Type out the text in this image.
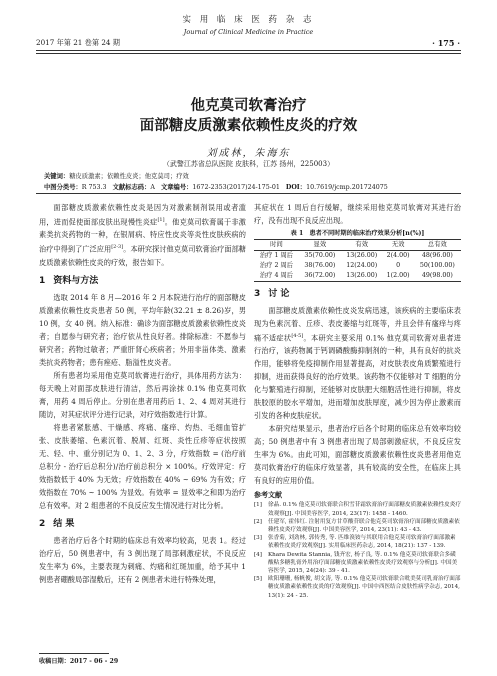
2017 年第 21 卷第 24 期
实 用 临 床 医 药 杂 志
Journal of Clinical Medicine in Practice
· 175 ·
他克莫司软膏治疗
面部糖皮质激素依赖性皮炎的疗效
刘成林，朱海东
（武警江苏省总队医院 皮肤科，江苏 扬州，225003）
关键词：糖皮质激素；依赖性皮炎；他克莫司；疗效
中图分类号：R 753.3 文献标志码：A 文章编号：1672-2353(2017)24-175-01 DOI：10.7619/jcmp.201724075

面部糖皮质激素依赖性皮炎是因为对激素制剂误用或者滥用，进而促使面部皮肤出现慢性炎症[1]。他克莫司软膏属于非激素类抗炎药物的一种，在银屑病、特应性皮炎等炎性皮肤疾病的治疗中得到了广泛应用[2-3]。本研究探讨他克莫司软膏治疗面部糖皮质激素依赖性皮炎的疗效，报告如下。

1 资料与方法

选取 2014 年 8 月—2016 年 2 月本院进行治疗的面部糖皮质激素依赖性皮炎患者 50 例，平均年龄(32.21 ± 8.26)岁，男 10 例，女 40 例。纳入标准：确诊为面部糖皮质激素依赖性皮炎者；自愿参与研究者；治疗依从性良好者。排除标准：不愿参与研究者；药物过敏者；严重肝肾心疾病者；外用非甾体类、激素类抗炎药物者；患有痤疮、脂溢性皮炎者。

所有患者均采用他克莫司软膏进行治疗，具体用药方法为：每天晚上对面部皮肤进行清洁，然后再涂抹 0.1% 他克莫司软膏，用药 4 周后停止。分别在患者用药后 1、2、4 周对其进行随访，对其症状评分进行记录，对疗效指数进行计算。

将患者紧胀感、干燥感、疼痛、瘙痒、灼热、毛细血管扩张、皮肤萎缩、色素沉着、脱屑、红斑、炎性丘疹等症状按照无、轻、中、重分别记为 0、1、2、3 分，疗效指数 = (治疗前总积分 - 治疗后总积分)/治疗前总积分 × 100%。疗效评定：疗效指数低于 40% 为无效；疗效指数在 40% ~ 69% 为有效；疗效指数在 70% ~ 100% 为显效。有效率 = 显效率之和即为治疗总有效率。对 2 组患者的不良反应发生情况进行对比分析。

2 结 果

患者治疗后各个时期的临床总有效率均较高，见表 1。经过治疗后，50 例患者中，有 3 例出现了局部刺激症状，不良反应发生率为 6%，主要表现为刺痛、灼痛和红斑加重，给予其中 1 例患者硼酸局部湿敷后，还有 2 例患者未进行特殊处理，

其症状在 1 周后自行缓解，继续采用他克莫司软膏对其进行治疗，没有出现不良反应出现。

表 1　患者不同时期的临床治疗效果分析[n(%)]
时间	显效	有效	无效	总有效
治疗 1 周后	35(70.00)	13(26.00)	2(4.00)	48(96.00)
治疗 2 周后	38(76.00)	12(24.00)	0	50(100.00)
治疗 4 周后	36(72.00)	13(26.00)	1(2.00)	49(98.00)
3 讨 论

面部糖皮质激素依赖性皮炎发病迅速，该疾病的主要临床表现为色素沉着、丘疹、表皮萎缩与红斑等，并且会伴有瘙痒与疼痛不适症状[4-5]。本研究主要采用 0.1% 他克莫司软膏对患者进行治疗，该药物属于钙调磷酸酶抑制剂的一种，具有良好的抗炎作用，能够将免疫抑制作用显著提高，对皮肤表皮角质繁殖进行抑制，进而获得良好的治疗效果。该药物不仅能够对 T 细胞的分化与繁殖进行抑制，还能够对皮肤肥大细胞活性进行抑制，将皮肤胶原的胶水平增加，进而增加皮肤厚度，减少因为停止激素而引发的各种皮肤症状。

本研究结果显示，患者治疗后各个时期的临床总有效率均较高；50 例患者中有 3 例患者出现了局部刺激症状，不良反应发生率为 6%。由此可知，面部糖皮质激素依赖性皮炎患者用他克莫司软膏治疗的临床疗效显著，具有较高的安全性，在临床上具有良好的应用价值。

参考文献
[1]	徐晶. 0.1% 他克莫司软膏联合积雪苷霜软膏治疗面部糖皮质激素依赖性皮炎疗效观察[J]. 中国美容医学, 2014, 23(17): 1458 - 1460.
[2]	任建军, 霍伟红. 注射用复方甘草酸苷联合他克莫司软膏治疗面部糖皮质激素依赖性皮炎疗效观察[J]. 中国美容医学, 2014, 23(11): 43 - 43.
[3]	张香菊, 刘劲林, 郭传秀, 等. 匹维溴铵与其联用合他克莫司软膏治疗面部激素依赖性皮炎疗效观察[J]. 实用临床医药杂志, 2014, 18(21): 137 - 139.
[4]	Khara Dewita Stannia, 钱齐宏, 杨子良, 等. 0.1% 他克莫司软膏联合多磺酸粘多糖乳膏外用治疗面部糖皮质激素依赖性皮炎疗效观察与分析[J]. 中国美容医学, 2015, 24(24): 39 - 41.
[5]	欧阳珊珊, 杨帆俊, 胡文涛, 等. 0.1% 他克莫司软膏联合吡美莫司乳膏治疗面部糖皮质激素依赖性皮炎的疗效观察[J]. 中国中西医结合皮肤性病学杂志, 2014, 13(1): 24 - 25.
收稿日期：2017 - 06 - 29
